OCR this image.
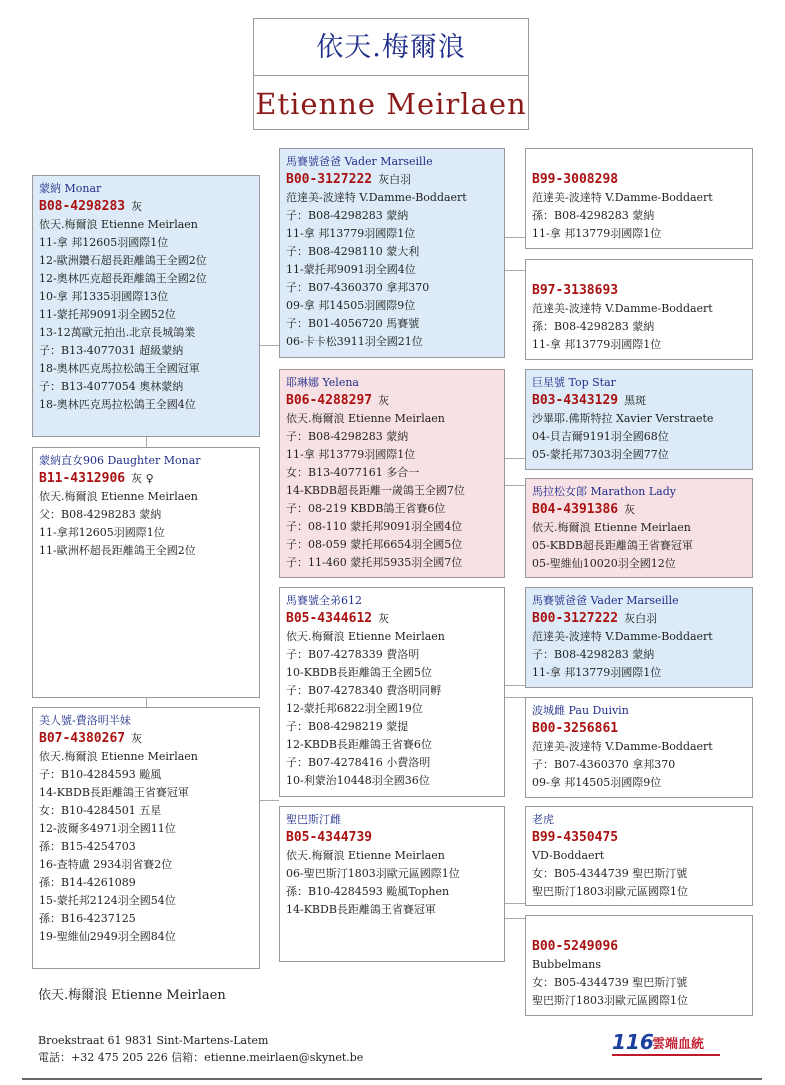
依天.梅爾浪
Etienne Meirlaen
蒙納 Monar
B08-4298283 灰
依天.梅爾浪 Etienne Meirlaen
11-拿 邦12605羽國際1位
12-歐洲鑽石超長距離鴿王全國2位
12-奧林匹克超長距離鴿王全國2位
10-拿 邦1335羽國際13位
11-蒙托邦9091羽全國52位
13-12萬歐元拍出.北京長城鴿業
子：B13-4077031 超級蒙納
18-奧林匹克馬拉松鴿王全國冠軍
子：B13-4077054 奧林蒙納
18-奧林匹克馬拉松鴿王全國4位
蒙納直女906 Daughter Monar
B11-4312906 灰 ♀
依天.梅爾浪 Etienne Meirlaen
父：B08-4298283 蒙納
11-拿邦12605羽國際1位
11-歐洲杯超長距離鴿王全國2位
美人號-費洛明半妹
B07-4380267 灰
依天.梅爾浪 Etienne Meirlaen
子：B10-4284593 颱風
14-KBDB長距離鴿王省賽冠軍
女：B10-4284501 五星
12-波爾多4971羽全國11位
孫：B15-4254703
16-查特盧 2934羽省賽2位
孫：B14-4261089
15-蒙托邦2124羽全國54位
孫：B16-4237125
19-聖維仙2949羽全國84位
馬賽號爸爸 Vader Marseille
B00-3127222 灰白羽
范達美-波達特 V.Damme-Boddaert
子：B08-4298283 蒙納
11-拿 邦13779羽國際1位
子：B08-4298110 蒙大利
11-蒙托邦9091羽全國4位
子：B07-4360370 拿邦370
09-拿 邦14505羽國際9位
子：B01-4056720 馬賽號
06-卡卡松3911羽全國21位
耶琳娜 Yelena
B06-4288297 灰
依天.梅爾浪 Etienne Meirlaen
子：B08-4298283 蒙納
11-拿 邦13779羽國際1位
女：B13-4077161 多合一
14-KBDB超長距離一歲鴿王全國7位
子：08-219 KBDB鴿王省賽6位
子：08-110 蒙托邦9091羽全國4位
子：08-059 蒙托邦6654羽全國5位
子：11-460 蒙托邦5935羽全國7位
馬賽號全弟612
B05-4344612 灰
依天.梅爾浪 Etienne Meirlaen
子：B07-4278339 費洛明
10-KBDB長距離鴿王全國5位
子：B07-4278340 費洛明同孵
12-蒙托邦6822羽全國19位
子：B08-4298219 蒙提
12-KBDB長距離鴿王省賽6位
子：B07-4278416 小費洛明
10-利蒙治10448羽全國36位
聖巴斯汀雌
B05-4344739
依天.梅爾浪 Etienne Meirlaen
06-聖巴斯汀1803羽歐元區國際1位
孫：B10-4284593 颱風Tophen
14-KBDB長距離鴿王省賽冠軍

B99-3008298
范達美-波達特 V.Damme-Boddaert
孫：B08-4298283 蒙納
11-拿 邦13779羽國際1位

B97-3138693
范達美-波達特 V.Damme-Boddaert
孫：B08-4298283 蒙納
11-拿 邦13779羽國際1位
巨星號 Top Star
B03-4343129 黑斑
沙畢耶.佛斯特拉 Xavier Verstraete
04-貝吉爾9191羽全國68位
05-蒙托邦7303羽全國77位
馬拉松女郎 Marathon Lady
B04-4391386 灰
依天.梅爾浪 Etienne Meirlaen
05-KBDB超長距離鴿王省賽冠軍
05-聖維仙10020羽全國12位
馬賽號爸爸 Vader Marseille
B00-3127222 灰白羽
范達美-波達特 V.Damme-Boddaert
子：B08-4298283 蒙納
11-拿 邦13779羽國際1位
波城雌 Pau Duivin
B00-3256861
范達美-波達特 V.Damme-Boddaert
子：B07-4360370 拿邦370
09-拿 邦14505羽國際9位
老虎
B99-4350475
VD-Boddaert
女：B05-4344739 聖巴斯汀號
聖巴斯汀1803羽歐元區國際1位

B00-5249096
Bubbelmans
女：B05-4344739 聖巴斯汀號
聖巴斯汀1803羽歐元區國際1位
依天.梅爾浪 Etienne Meirlaen
Broekstraat 61 9831 Sint-Martens-Latem
電話：+32 475 205 226 信箱：etienne.meirlaen@skynet.be
116
雲端血統
